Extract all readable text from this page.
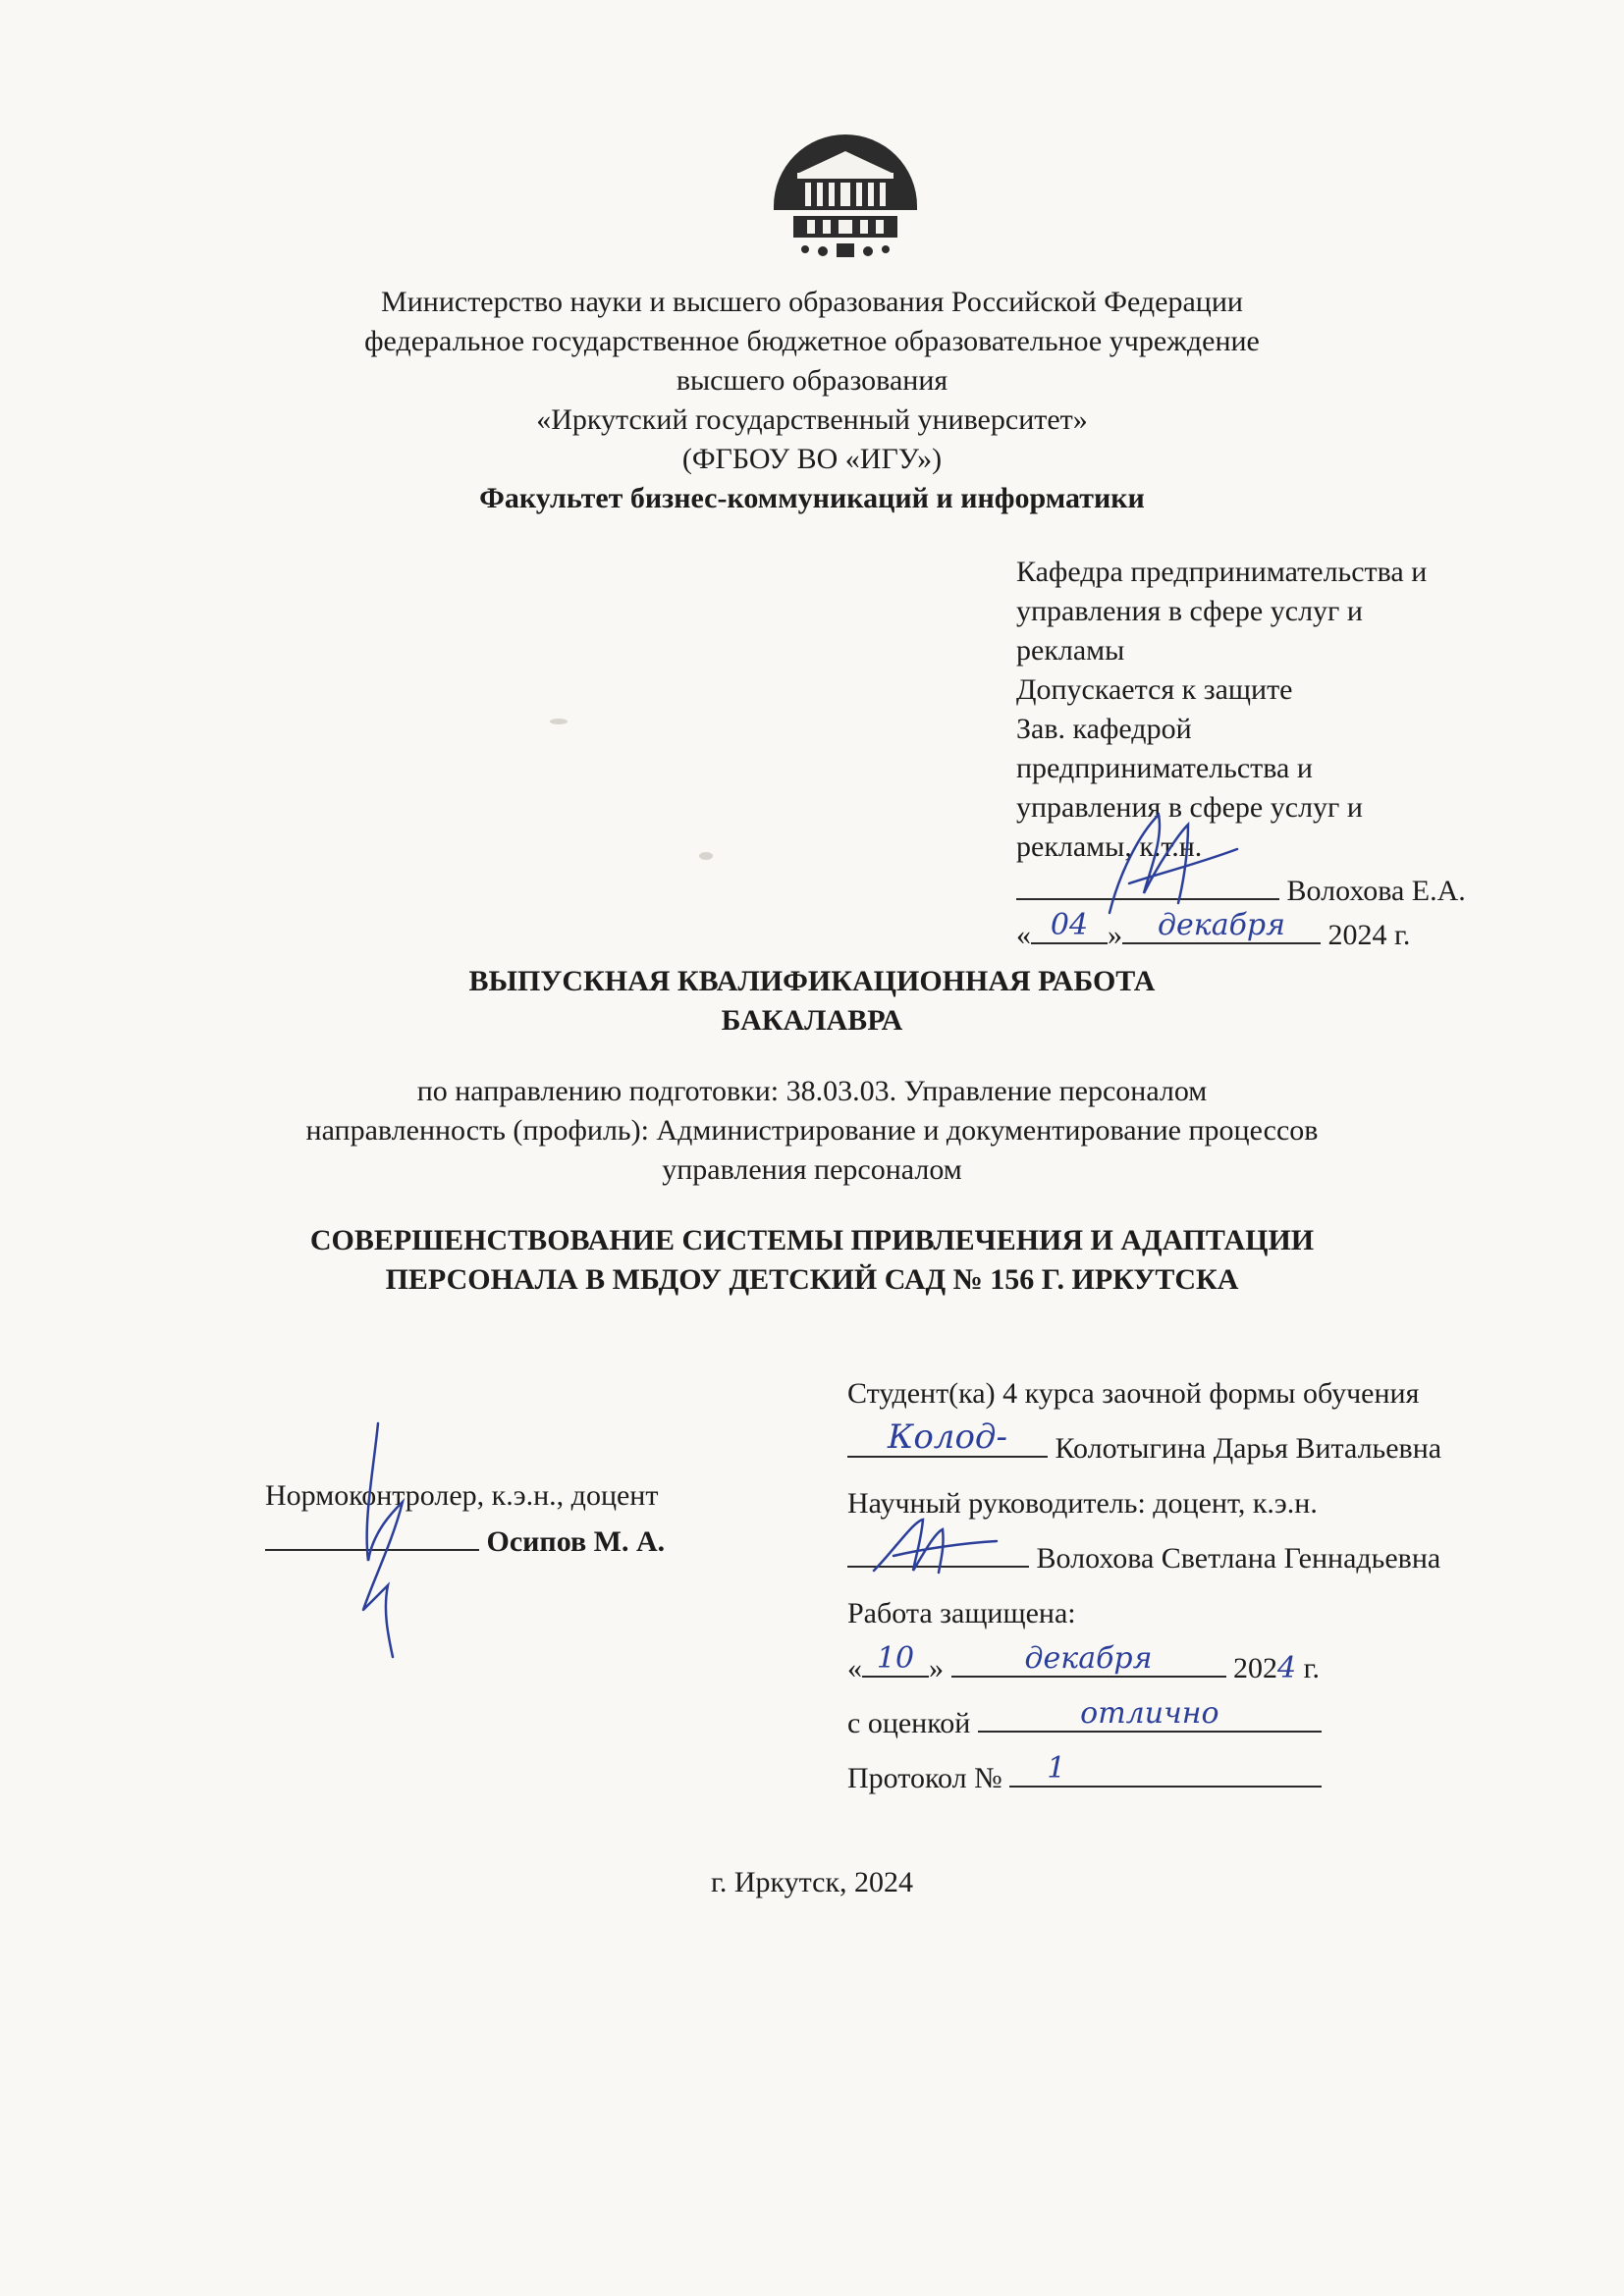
Министерство науки и высшего образования Российской Федерации
федеральное государственное бюджетное образовательное учреждение
высшего образования
«Иркутский государственный университет»
(ФГБОУ ВО «ИГУ»)
Факультет бизнес-коммуникаций и информатики
Кафедра предпринимательства и
управления в сфере услуг и
рекламы
Допускается к защите
Зав. кафедрой
предпринимательства и
управления в сфере услуг и
рекламы, к.т.н.
Волохова Е.А.
« 04 »	декабря	2024 г.
ВЫПУСКНАЯ КВАЛИФИКАЦИОННАЯ РАБОТА
БАКАЛАВРА
по направлению подготовки: 38.03.03. Управление персоналом
направленность (профиль): Администрирование и документирование процессов
управления персоналом
СОВЕРШЕНСТВОВАНИЕ СИСТЕМЫ ПРИВЛЕЧЕНИЯ И АДАПТАЦИИ
ПЕРСОНАЛА В МБДОУ ДЕТСКИЙ САД № 156 Г. ИРКУТСКА
Студент(ка) 4 курса заочной формы обучения
Колод-	Колотыгина Дарья Витальевна
Научный руководитель: доцент, к.э.н.
Волохова Светлана Геннадьевна
Работа защищена:
« 10 »	декабря	2024 г.
с оценкой	отлично
Протокол №	1
Нормоконтролер, к.э.н., доцент
Осипов М. А.
г. Иркутск, 2024
